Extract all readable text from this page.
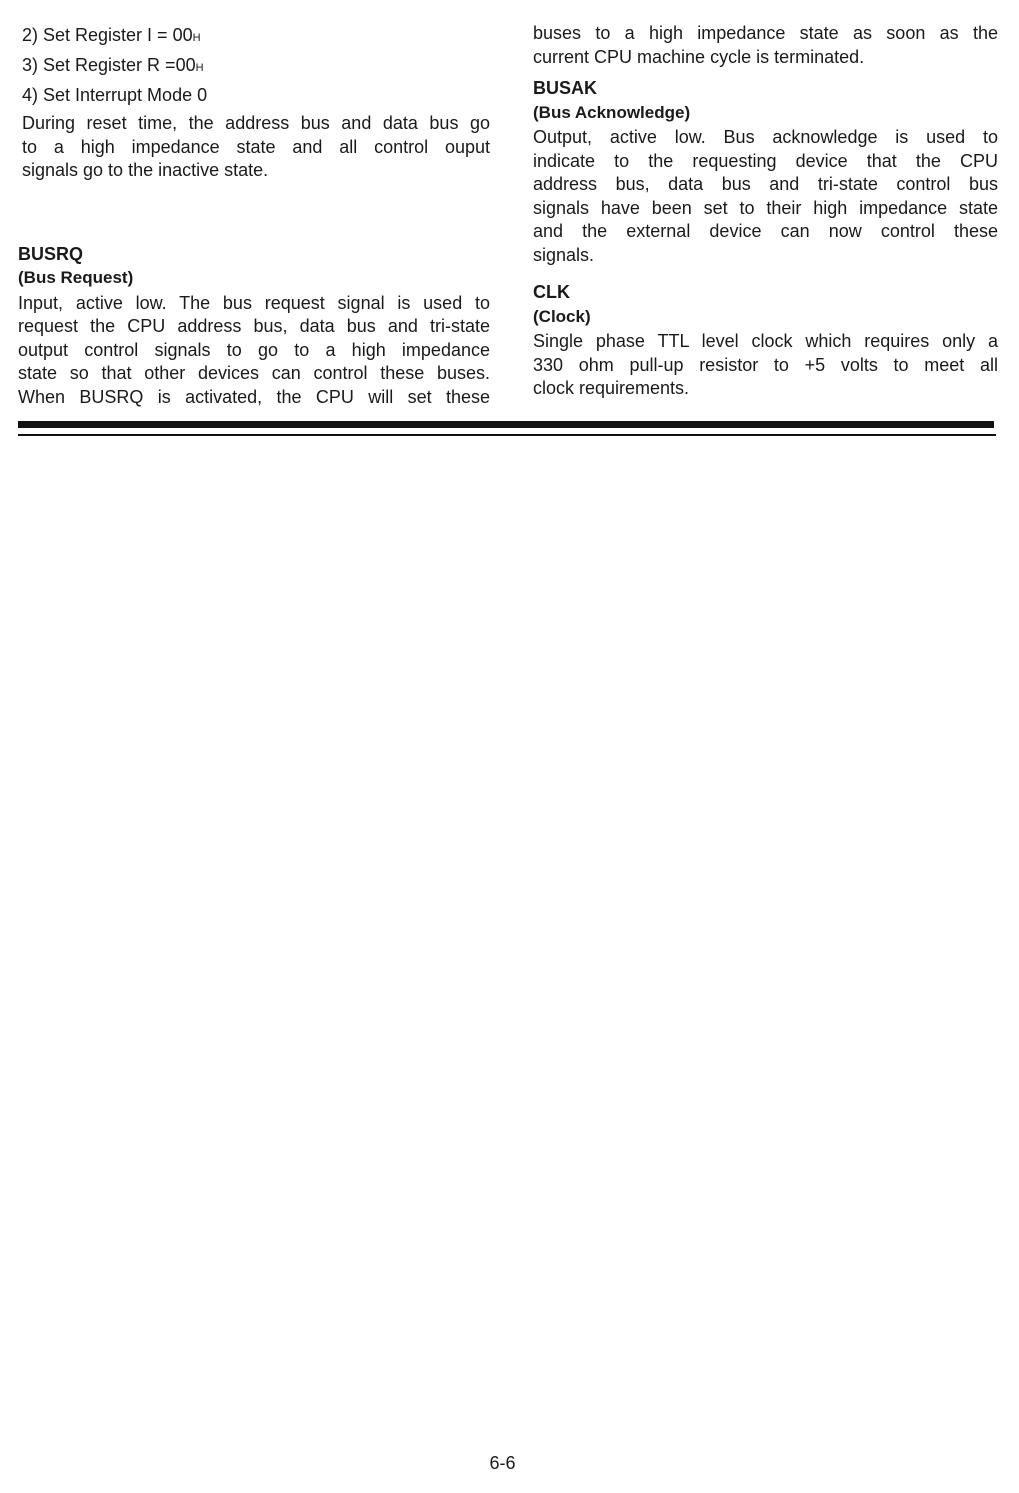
2) Set Register I = 00H

3) Set Register R =00H

4) Set Interrupt Mode 0

During reset time, the address bus and data bus go
to a high impedance state and all control ouput
signals go to the inactive state.

BUSRQ

(Bus Request)

Input, active low. The bus request signal is used to
request the CPU address bus, data bus and tri-state
output control signals to go to a high impedance
state so that other devices can control these buses.
When BUSRQ is activated, the CPU will set these
buses to a high impedance state as soon as the
current CPU machine cycle is terminated.

BUSAK

(Bus Acknowledge)

Output, active low. Bus acknowledge is used to
indicate to the requesting device that the CPU
address bus, data bus and tri-state control bus
signals have been set to their high impedance state
and the external device can now control these
signals.

CLK

(Clock)

Single phase TTL level clock which requires only a
330 ohm pull-up resistor to +5 volts to meet all
clock requirements.
6-6
